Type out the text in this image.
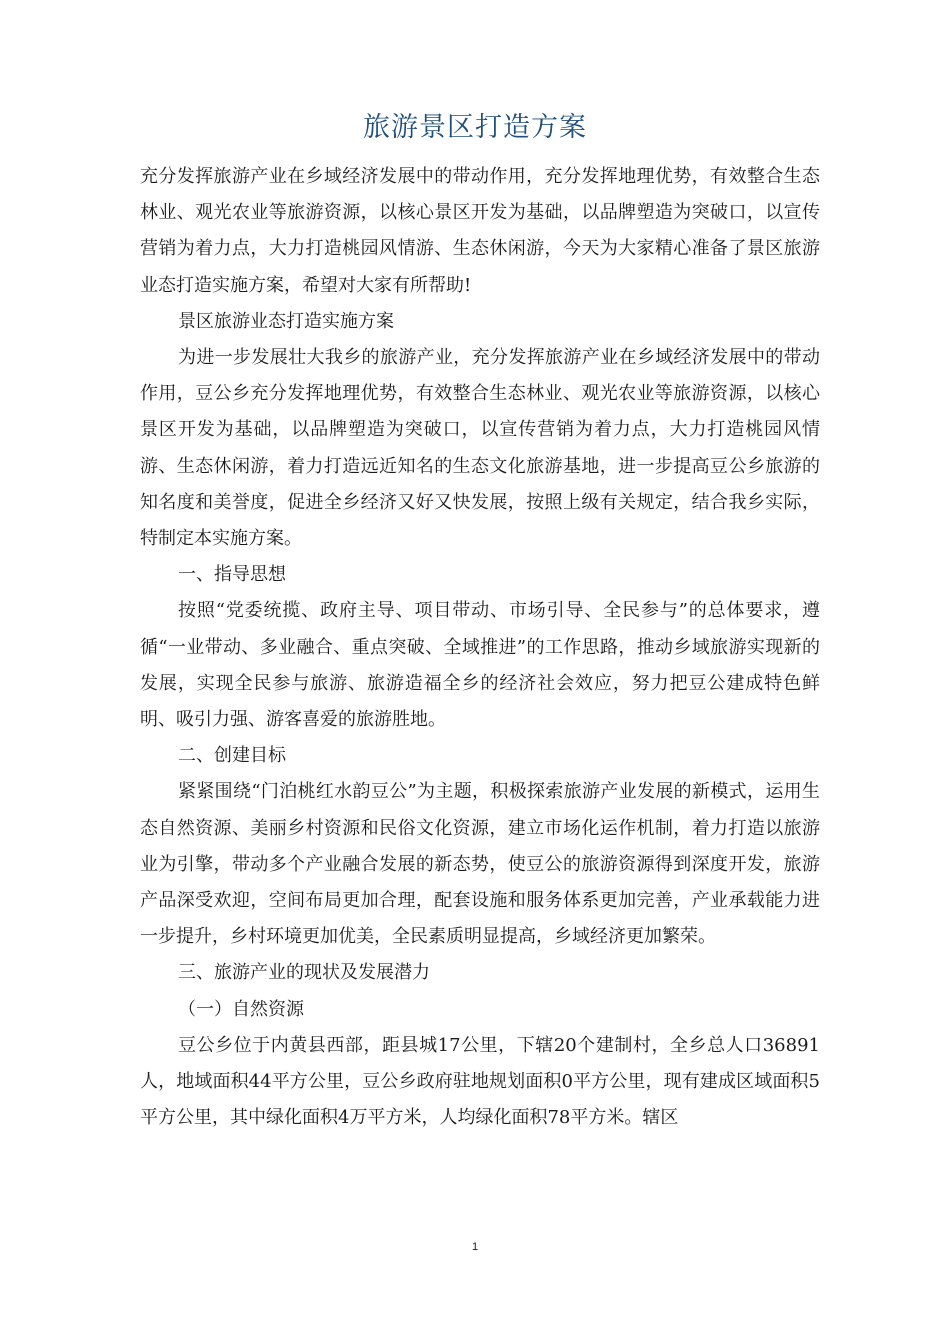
旅游景区打造方案

充分发挥旅游产业在乡域经济发展中的带动作用，充分发挥地理优势，有效整合生态林业、观光农业等旅游资源，以核心景区开发为基础，以品牌塑造为突破口，以宣传营销为着力点，大力打造桃园风情游、生态休闲游，今天为大家精心准备了景区旅游业态打造实施方案，希望对大家有所帮助!

景区旅游业态打造实施方案

为进一步发展壮大我乡的旅游产业，充分发挥旅游产业在乡域经济发展中的带动作用，豆公乡充分发挥地理优势，有效整合生态林业、观光农业等旅游资源，以核心景区开发为基础，以品牌塑造为突破口，以宣传营销为着力点，大力打造桃园风情游、生态休闲游，着力打造远近知名的生态文化旅游基地，进一步提高豆公乡旅游的知名度和美誉度，促进全乡经济又好又快发展，按照上级有关规定，结合我乡实际，特制定本实施方案。

一、指导思想

按照“党委统揽、政府主导、项目带动、市场引导、全民参与”的总体要求，遵循“一业带动、多业融合、重点突破、全域推进”的工作思路，推动乡域旅游实现新的发展，实现全民参与旅游、旅游造福全乡的经济社会效应，努力把豆公建成特色鲜明、吸引力强、游客喜爱的旅游胜地。

二、创建目标

紧紧围绕“门泊桃红水韵豆公”为主题，积极探索旅游产业发展的新模式，运用生态自然资源、美丽乡村资源和民俗文化资源，建立市场化运作机制，着力打造以旅游业为引擎，带动多个产业融合发展的新态势，使豆公的旅游资源得到深度开发，旅游产品深受欢迎，空间布局更加合理，配套设施和服务体系更加完善，产业承载能力进一步提升，乡村环境更加优美，全民素质明显提高，乡域经济更加繁荣。

三、旅游产业的现状及发展潜力

（一）自然资源

豆公乡位于内黄县西部，距县城17公里，下辖20个建制村，全乡总人口36891人，地域面积44平方公里，豆公乡政府驻地规划面积0平方公里，现有建成区域面积5平方公里，其中绿化面积4万平方米，人均绿化面积78平方米。辖区

1
